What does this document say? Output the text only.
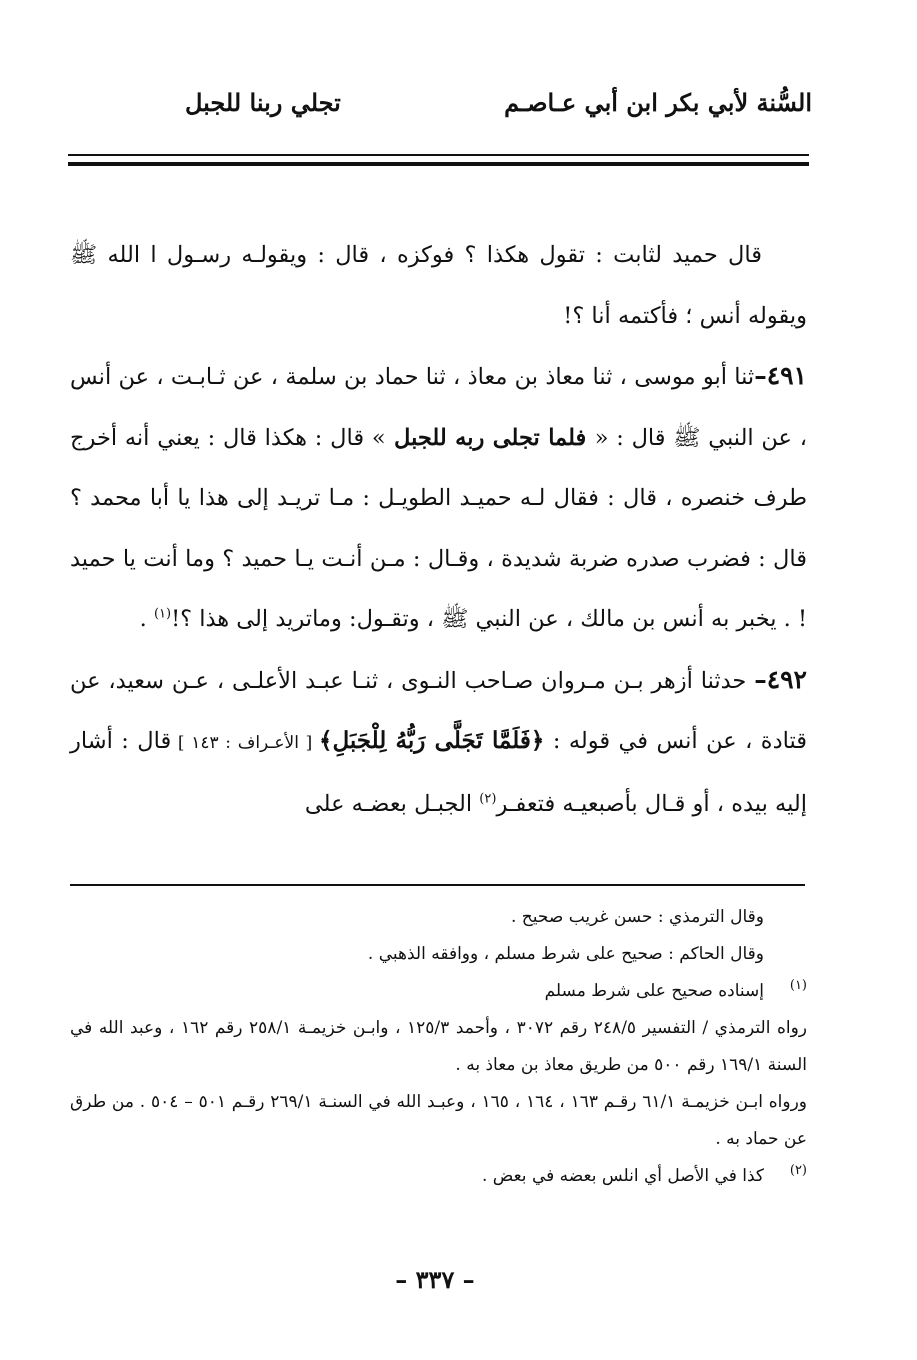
السُّنة لأبي بكر ابن أبي عـاصـم
تجلي ربنا للجبل

قال حميد لثابت : تقول هكذا ؟ فوكزه ، قال : ويقولـه رسـول ا الله ﷺ ويقوله أنس ؛ فأكتمه أنا ؟!

٤٩١–ثنا أبو موسى ، ثنا معاذ بن معاذ ، ثنا حماد بن سلمة ، عن ثـابـت ، عن أنس ، عن النبي ﷺ قال : « فلما تجلى ربه للجبل » قال : هكذا قال : يعني أنه أخرج طرف خنصره ، قال : فقال لـه حميـد الطويـل : مـا تريـد إلى هذا يا أبا محمد ؟ قال : فضرب صدره ضربة شديدة ، وقـال : مـن أنـت يـا حميد ؟ وما أنت يا حميد ! . يخبر به أنس بن مالك ، عن النبي ﷺ ، وتقـول: وماتريد إلى هذا ؟!$^{(١)}$ .

٤٩٢– حدثنا أزهر بـن مـروان صـاحب النـوى ، ثنـا عبـد الأعلـى ، عـن سعيد، عن قتادة ، عن أنس في قوله : ﴿فَلَمَّا تَجَلَّى رَبُّهُ لِلْجَبَلِ﴾ [ الأعـراف : ١٤٣ ] قال : أشار إليه بيده ، أو قـال بأصبعيـه فتعفـر$^{(٢)}$ الجبـل بعضـه على

وقال الترمذي : حسن غريب صحيح .

وقال الحاكم : صحيح على شرط مسلم ، ووافقه الذهبي .

(١)
إسناده صحيح على شرط مسلم

رواه الترمذي / التفسير ٢٤٨/٥ رقم ٣٠٧٢ ، وأحمد ١٢٥/٣ ، وابـن خزيمـة ٢٥٨/١ رقم ١٦٢ ، وعبد الله في السنة ١٦٩/١ رقم ٥٠٠ من طريق معاذ بن معاذ به .

ورواه ابـن خزيمـة ٦١/١ رقـم ١٦٣ ، ١٦٤ ، ١٦٥ ، وعبـد الله في السنـة ٢٦٩/١ رقـم ٥٠١ – ٥٠٤ . من طرق عن حماد به .

(٢)
كذا في الأصل أي انلس بعضه في بعض .

– ٣٣٧ –
